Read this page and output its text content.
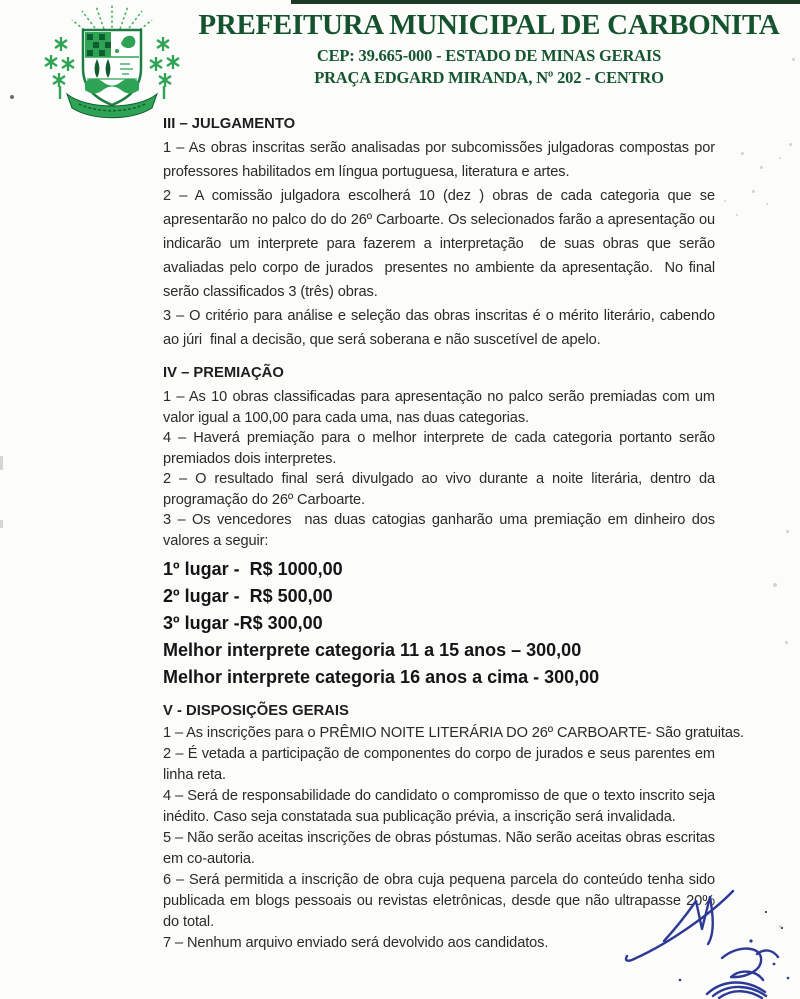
PREFEITURA MUNICIPAL DE CARBONITA
CEP: 39.665-000 - ESTADO DE MINAS GERAIS
PRAÇA EDGARD MIRANDA, Nº 202 - CENTRO
III – JULGAMENTO

1 – As obras inscritas serão analisadas por subcomissões julgadoras compostas por professores habilitados em língua portuguesa, literatura e artes.

2 – A comissão julgadora escolherá 10 (dez ) obras de cada categoria que se apresentarão no palco do do 26º Carboarte. Os selecionados farão a apresentação ou indicarão um interprete para fazerem a interpretação  de suas obras que serão avaliadas pelo corpo de jurados  presentes no ambiente da apresentação.  No final serão classificados 3 (três) obras.

3 – O critério para análise e seleção das obras inscritas é o mérito literário, cabendo ao júri  final a decisão, que será soberana e não suscetível de apelo.

IV – PREMIAÇÃO

1 – As 10 obras classificadas para apresentação no palco serão premiadas com um valor igual a 100,00 para cada uma, nas duas categorias.

4 – Haverá premiação para o melhor interprete de cada categoria portanto serão premiados dois interpretes.

2 – O resultado final será divulgado ao vivo durante a noite literária, dentro da programação do 26º Carboarte.

3 – Os vencedores  nas duas catogias ganharão uma premiação em dinheiro dos valores a seguir:

1º lugar -  R$ 1000,00
2º lugar -  R$ 500,00
3º lugar -R$ 300,00
Melhor interprete categoria 11 a 15 anos – 300,00
Melhor interprete categoria 16 anos a cima - 300,00
V - DISPOSIÇÕES GERAIS

1 – As inscrições para o PRÊMIO NOITE LITERÁRIA DO 26º CARBOARTE- São gratuitas.

2 – É vetada a participação de componentes do corpo de jurados e seus parentes em linha reta.

4 – Será de responsabilidade do candidato o compromisso de que o texto inscrito seja inédito. Caso seja constatada sua publicação prévia, a inscrição será invalidada.

5 – Não serão aceitas inscrições de obras póstumas. Não serão aceitas obras escritas em co-autoria.

6 – Será permitida a inscrição de obra cuja pequena parcela do conteúdo tenha sido publicada em blogs pessoais ou revistas eletrônicas, desde que não ultrapasse 20% do total.

7 – Nenhum arquivo enviado será devolvido aos candidatos.
